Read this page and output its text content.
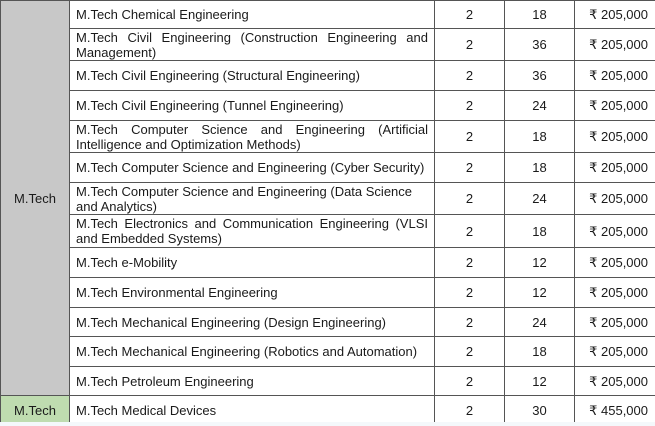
M.Tech	M.Tech Chemical Engineering	2	18	₹ 205,000
	M.Tech Civil Engineering (Construction Engineering and Management)	2	36	₹ 205,000
	M.Tech Civil Engineering (Structural Engineering)	2	36	₹ 205,000
	M.Tech Civil Engineering (Tunnel Engineering)	2	24	₹ 205,000
	M.Tech Computer Science and Engineering (Artificial Intelligence and Optimization Methods)	2	18	₹ 205,000
	M.Tech Computer Science and Engineering (Cyber Security)	2	18	₹ 205,000
	M.Tech Computer Science and Engineering (Data Science and Analytics)	2	24	₹ 205,000
	M.Tech Electronics and Communication Engineering (VLSI and Embedded Systems)	2	18	₹ 205,000
	M.Tech e-Mobility	2	12	₹ 205,000
	M.Tech Environmental Engineering	2	12	₹ 205,000
	M.Tech Mechanical Engineering (Design Engineering)	2	24	₹ 205,000
	M.Tech Mechanical Engineering (Robotics and Automation)	2	18	₹ 205,000
	M.Tech Petroleum Engineering	2	12	₹ 205,000
M.Tech	M.Tech Medical Devices	2	30	₹ 455,000
